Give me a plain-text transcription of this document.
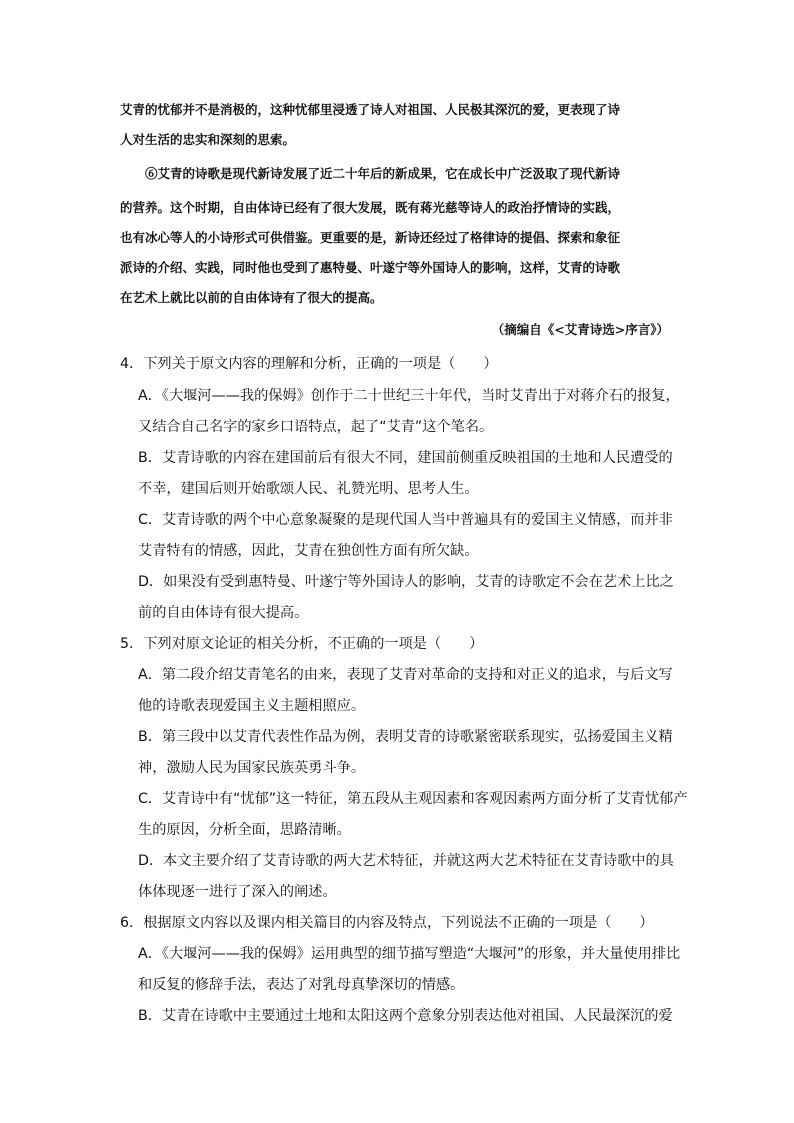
艾青的忧郁并不是消极的，这种忧郁里浸透了诗人对祖国、人民极其深沉的爱，更表现了诗
人对生活的忠实和深刻的思索。
⑥艾青的诗歌是现代新诗发展了近二十年后的新成果，它在成长中广泛汲取了现代新诗
的营养。这个时期，自由体诗已经有了很大发展，既有蒋光慈等诗人的政治抒情诗的实践，
也有冰心等人的小诗形式可供借鉴。更重要的是，新诗还经过了格律诗的提倡、探索和象征
派诗的介绍、实践，同时他也受到了惠特曼、叶遂宁等外国诗人的影响，这样，艾青的诗歌
在艺术上就比以前的自由体诗有了很大的提高。
（摘编自《<艾青诗选>序言》）
4．下列关于原文内容的理解和分析，正确的一项是（ ）
A．《大堰河——我的保姆》创作于二十世纪三十年代，当时艾青出于对蒋介石的报复，
又结合自己名字的家乡口语特点，起了“艾青”这个笔名。
B．艾青诗歌的内容在建国前后有很大不同，建国前侧重反映祖国的土地和人民遭受的
不幸，建国后则开始歌颂人民、礼赞光明、思考人生。
C．艾青诗歌的两个中心意象凝聚的是现代国人当中普遍具有的爱国主义情感，而并非
艾青特有的情感，因此，艾青在独创性方面有所欠缺。
D．如果没有受到惠特曼、叶遂宁等外国诗人的影响，艾青的诗歌定不会在艺术上比之
前的自由体诗有很大提高。
5．下列对原文论证的相关分析，不正确的一项是（ ）
A．第二段介绍艾青笔名的由来，表现了艾青对革命的支持和对正义的追求，与后文写
他的诗歌表现爱国主义主题相照应。
B．第三段中以艾青代表性作品为例，表明艾青的诗歌紧密联系现实，弘扬爱国主义精
神，激励人民为国家民族英勇斗争。
C．艾青诗中有“忧郁”这一特征，第五段从主观因素和客观因素两方面分析了艾青忧郁产
生的原因，分析全面，思路清晰。
D．本文主要介绍了艾青诗歌的两大艺术特征，并就这两大艺术特征在艾青诗歌中的具
体体现逐一进行了深入的阐述。
6．根据原文内容以及课内相关篇目的内容及特点，下列说法不正确的一项是（ ）
A．《大堰河——我的保姆》运用典型的细节描写塑造“大堰河”的形象，并大量使用排比
和反复的修辞手法，表达了对乳母真挚深切的情感。
B．艾青在诗歌中主要通过土地和太阳这两个意象分别表达他对祖国、人民最深沉的爱
